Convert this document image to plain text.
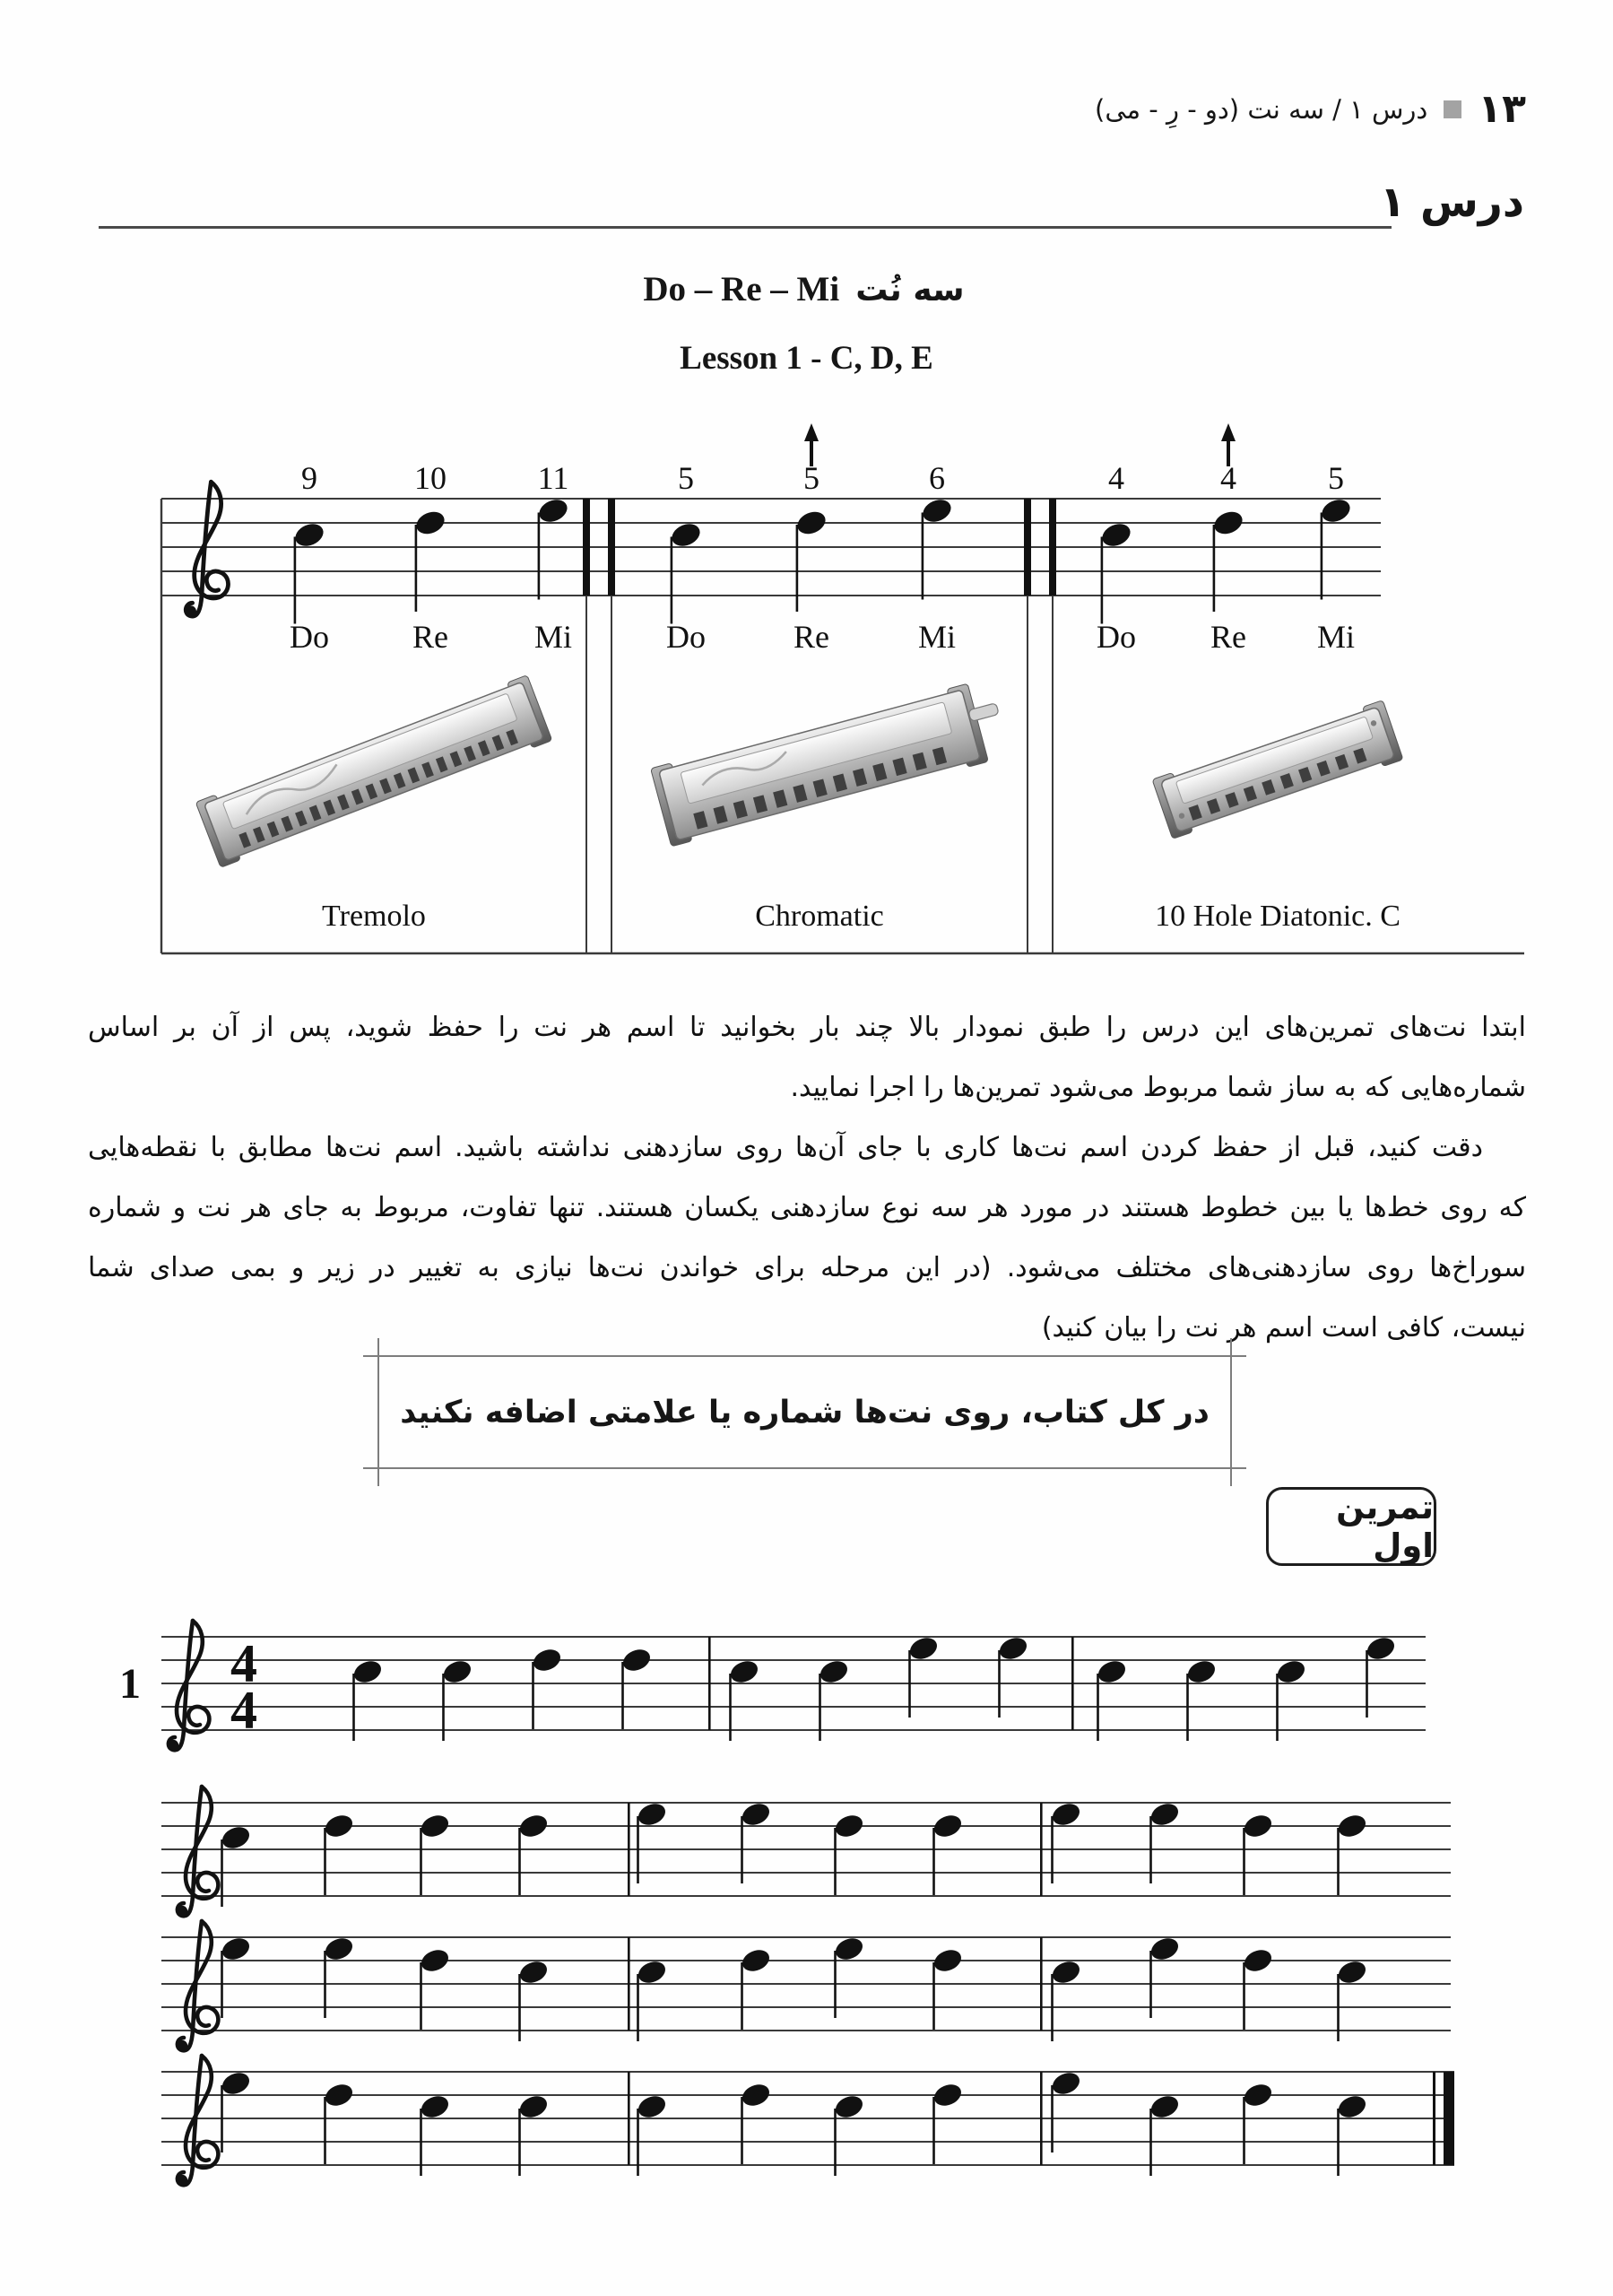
درس ۱ / سه نت (دو - رِ - می) ۱۳
درس ۱
Do – Re – Mi سه نُت
Lesson 1 - C, D, E
9
Do
10
Re
11
Mi
Tremolo
5
Do
5
Re
6
Mi
Chromatic
4
Do
4
Re
5
Mi
10 Hole Diatonic. C
ابتدا نت‌های تمرین‌های این درس را طبق نمودار بالا چند بار بخوانید تا اسم هر نت را حفظ شوید، پس از آن بر اساس
شماره‌هایی که به ساز شما مربوط می‌شود تمرین‌ها را اجرا نمایید.
دقت کنید، قبل از حفظ کردن اسم نت‌ها کاری با جای آن‌ها روی سازدهنی نداشته باشید. اسم نت‌ها مطابق با نقطه‌هایی
که روی خط‌ها یا بین خطوط هستند در مورد هر سه نوع سازدهنی یکسان هستند. تنها تفاوت، مربوط به جای هر نت و شماره
سوراخ‌ها روی سازدهنی‌های مختلف می‌شود. (در این مرحله برای خواندن نت‌ها نیازی به تغییر در زیر و بمی صدای شما
نیست، کافی است اسم هر نت را بیان کنید)
در کل کتاب، روی نت‌ها شماره یا علامتی اضافه نکنید
تمرین اول
1 4
4
